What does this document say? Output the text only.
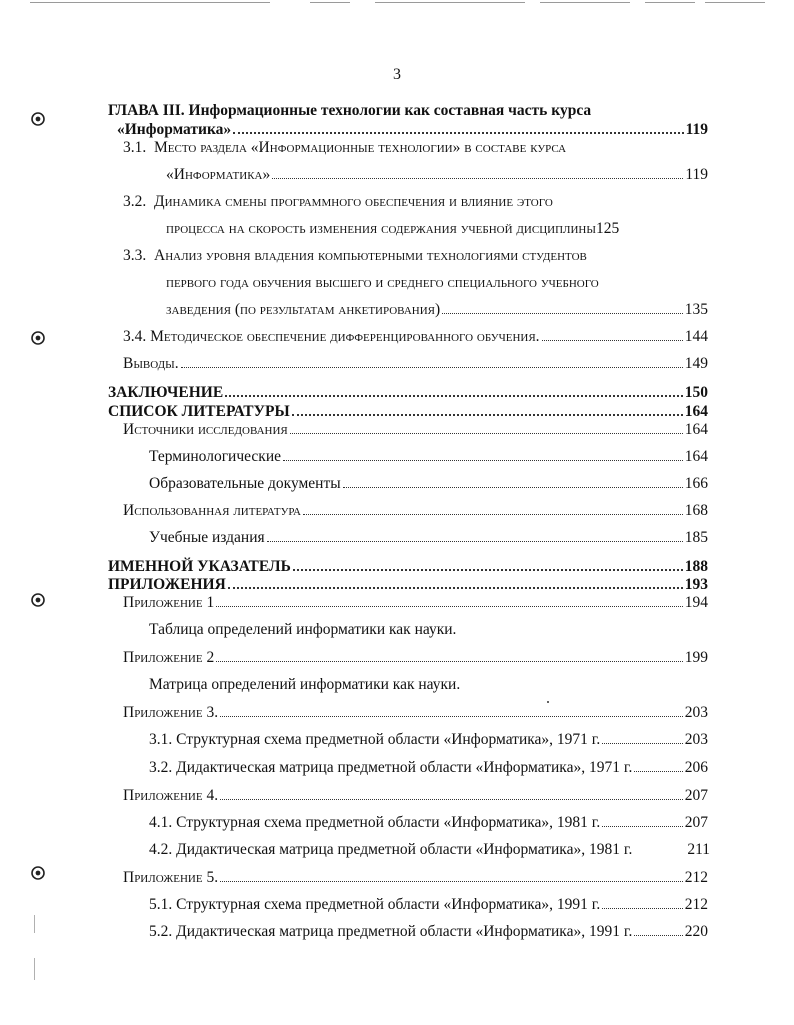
3
ГЛАВА III. Информационные технологии как составная часть курса
«Информатика»	119
3.1. Место раздела «Информационные технологии» в составе курса
«Информатика»	119
3.2. Динамика смены программного обеспечения и влияние этого
процесса на скорость изменения содержания учебной дисциплины 125
3.3. Анализ уровня владения компьютерными технологиями студентов
первого года обучения высшего и среднего специального учебного
заведения (по результатам анкетирования)	135
3.4. Методическое обеспечение дифференцированного обучения.	144
Выводы.	149
ЗАКЛЮЧЕНИЕ	150
СПИСОК ЛИТЕРАТУРЫ	164
Источники исследования	164
Терминологические	164
Образовательные документы	166
Использованная литература	168
Учебные издания	185
ИМЕННОЙ УКАЗАТЕЛЬ	188
ПРИЛОЖЕНИЯ	193
Приложение 1	194
Таблица определений информатики как науки.
Приложение 2	199
Матрица определений информатики как науки.
Приложение 3.	203
3.1. Структурная схема предметной области «Информатика», 1971 г.	203
3.2. Дидактическая матрица предметной области «Информатика», 1971 г.	206
Приложение 4.	207
4.1. Структурная схема предметной области «Информатика», 1981 г.	207
4.2. Дидактическая матрица предметной области «Информатика», 1981 г.	211
Приложение 5.	212
5.1. Структурная схема предметной области «Информатика», 1991 г.	212
5.2. Дидактическая матрица предметной области «Информатика», 1991 г.	220
